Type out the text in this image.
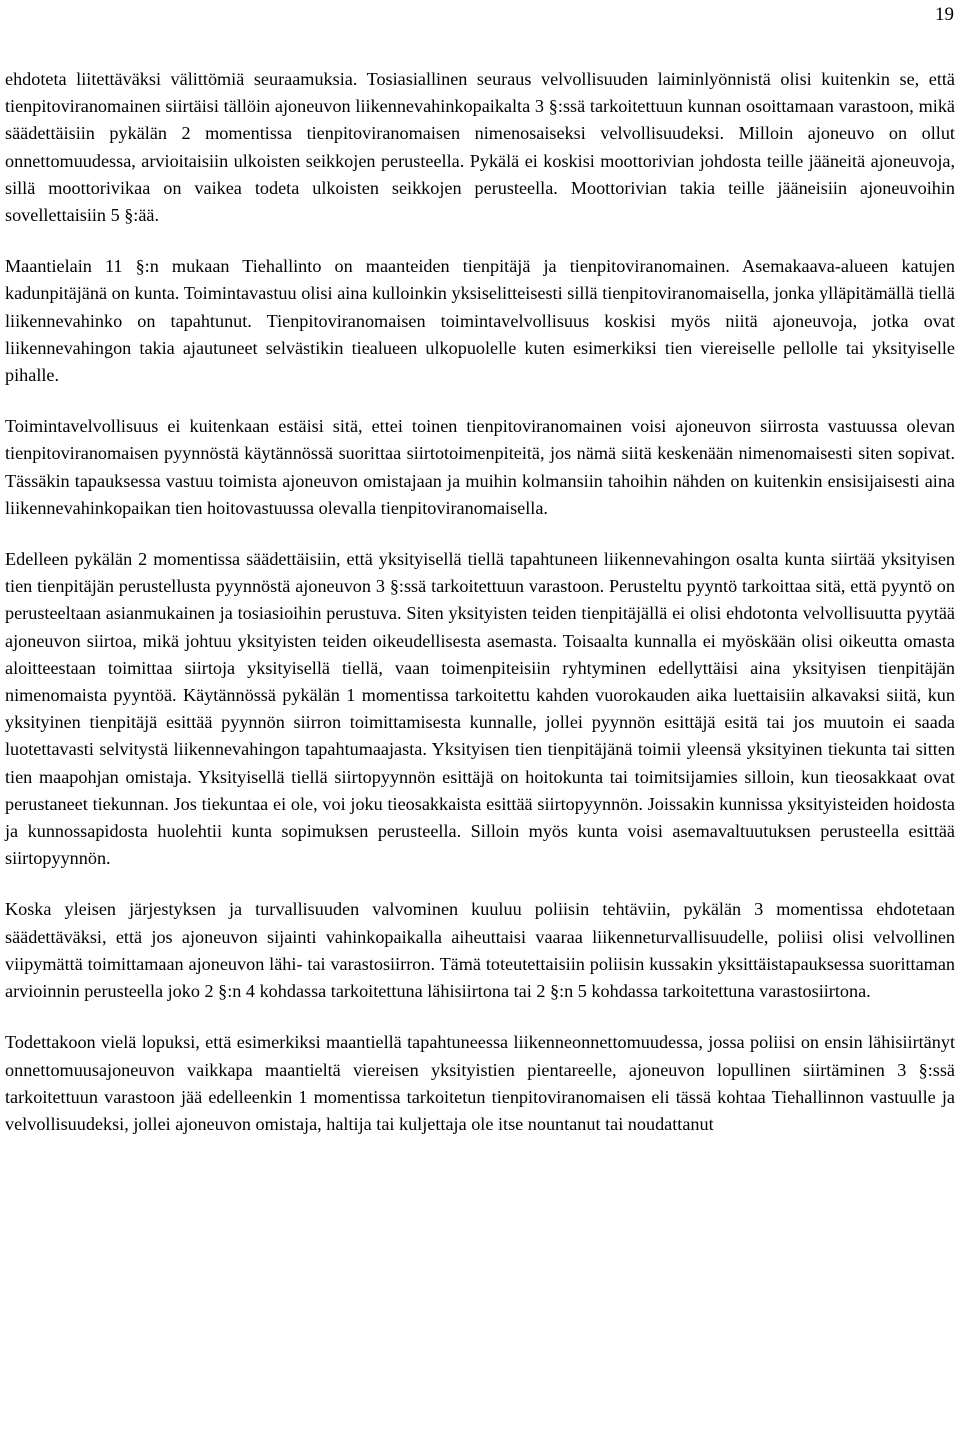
19

ehdoteta liitettäväksi välittömiä seuraamuksia. Tosiasiallinen seuraus velvollisuuden laiminlyönnistä olisi kuitenkin se, että tienpitoviranomainen siirtäisi tällöin ajoneuvon liikennevahinkopaikalta 3 §:ssä tarkoitettuun kunnan osoittamaan varastoon, mikä säädettäisiin pykälän 2 momentissa tienpitoviranomaisen nimenosaiseksi velvollisuudeksi. Milloin ajoneuvo on ollut onnettomuudessa, arvioitaisiin ulkoisten seikkojen perusteella. Pykälä ei koskisi moottorivian johdosta teille jääneitä ajoneuvoja, sillä moottorivikaa on vaikea todeta ulkoisten seikkojen perusteella. Moottorivian takia teille jääneisiin ajoneuvoihin sovellettaisiin 5 §:ää.

Maantielain 11 §:n mukaan Tiehallinto on maanteiden tienpitäjä ja tienpitoviranomainen. Asemakaava-alueen katujen kadunpitäjänä on kunta. Toimintavastuu olisi aina kulloinkin yksiselitteisesti sillä tienpitoviranomaisella, jonka ylläpitämällä tiellä liikennevahinko on tapahtunut. Tienpitoviranomaisen toimintavelvollisuus koskisi myös niitä ajoneuvoja, jotka ovat liikennevahingon takia ajautuneet selvästikin tiealueen ulkopuolelle kuten esimerkiksi tien viereiselle pellolle tai yksityiselle pihalle.

Toimintavelvollisuus ei kuitenkaan estäisi sitä, ettei toinen tienpitoviranomainen voisi ajoneuvon siirrosta vastuussa olevan tienpitoviranomaisen pyynnöstä käytännössä suorittaa siirtotoimenpiteitä, jos nämä siitä keskenään nimenomaisesti siten sopivat. Tässäkin tapauksessa vastuu toimista ajoneuvon omistajaan ja muihin kolmansiin tahoihin nähden on kuitenkin ensisijaisesti aina liikennevahinkopaikan tien hoitovastuussa olevalla tienpitoviranomaisella.

Edelleen pykälän 2 momentissa säädettäisiin, että yksityisellä tiellä tapahtuneen liikennevahingon osalta kunta siirtää yksityisen tien tienpitäjän perustellusta pyynnöstä ajoneuvon 3 §:ssä tarkoitettuun varastoon. Perusteltu pyyntö tarkoittaa sitä, että pyyntö on perusteeltaan asianmukainen ja tosiasioihin perustuva. Siten yksityisten teiden tienpitäjällä ei olisi ehdotonta velvollisuutta pyytää ajoneuvon siirtoa, mikä johtuu yksityisten teiden oikeudellisesta asemasta. Toisaalta kunnalla ei myöskään olisi oikeutta omasta aloitteestaan toimittaa siirtoja yksityisellä tiellä, vaan toimenpiteisiin ryhtyminen edellyttäisi aina yksityisen tienpitäjän nimenomaista pyyntöä. Käytännössä pykälän 1 momentissa tarkoitettu kahden vuorokauden aika luettaisiin alkavaksi siitä, kun yksityinen tienpitäjä esittää pyynnön siirron toimittamisesta kunnalle, jollei pyynnön esittäjä esitä tai jos muutoin ei saada luotettavasti selvitystä liikennevahingon tapahtumaajasta. Yksityisen tien tienpitäjänä toimii yleensä yksityinen tiekunta tai sitten tien maapohjan omistaja. Yksityisellä tiellä siirtopyynnön esittäjä on hoitokunta tai toimitsijamies silloin, kun tieosakkaat ovat perustaneet tiekunnan. Jos tiekuntaa ei ole, voi joku tieosakkaista esittää siirtopyynnön. Joissakin kunnissa yksityisteiden hoidosta ja kunnossapidosta huolehtii kunta sopimuksen perusteella. Silloin myös kunta voisi asemavaltuutuksen perusteella esittää siirtopyynnön.

Koska yleisen järjestyksen ja turvallisuuden valvominen kuuluu poliisin tehtäviin, pykälän 3 momentissa ehdotetaan säädettäväksi, että jos ajoneuvon sijainti vahinkopaikalla aiheuttaisi vaaraa liikenneturvallisuudelle, poliisi olisi velvollinen viipymättä toimittamaan ajoneuvon lähi- tai varastosiirron. Tämä toteutettaisiin poliisin kussakin yksittäistapauksessa suorittaman arvioinnin perusteella joko 2 §:n 4 kohdassa tarkoitettuna lähisiirtona tai 2 §:n 5 kohdassa tarkoitettuna varastosiirtona.

Todettakoon vielä lopuksi, että esimerkiksi maantiellä tapahtuneessa liikenneonnettomuudessa, jossa poliisi on ensin lähisiirtänyt onnettomuusajoneuvon vaikkapa maantieltä viereisen yksityistien pientareelle, ajoneuvon lopullinen siirtäminen 3 §:ssä tarkoitettuun varastoon jää edelleenkin 1 momentissa tarkoitetun tienpitoviranomaisen eli tässä kohtaa Tiehallinnon vastuulle ja velvollisuudeksi, jollei ajoneuvon omistaja, haltija tai kuljettaja ole itse nountanut tai noudattanut
